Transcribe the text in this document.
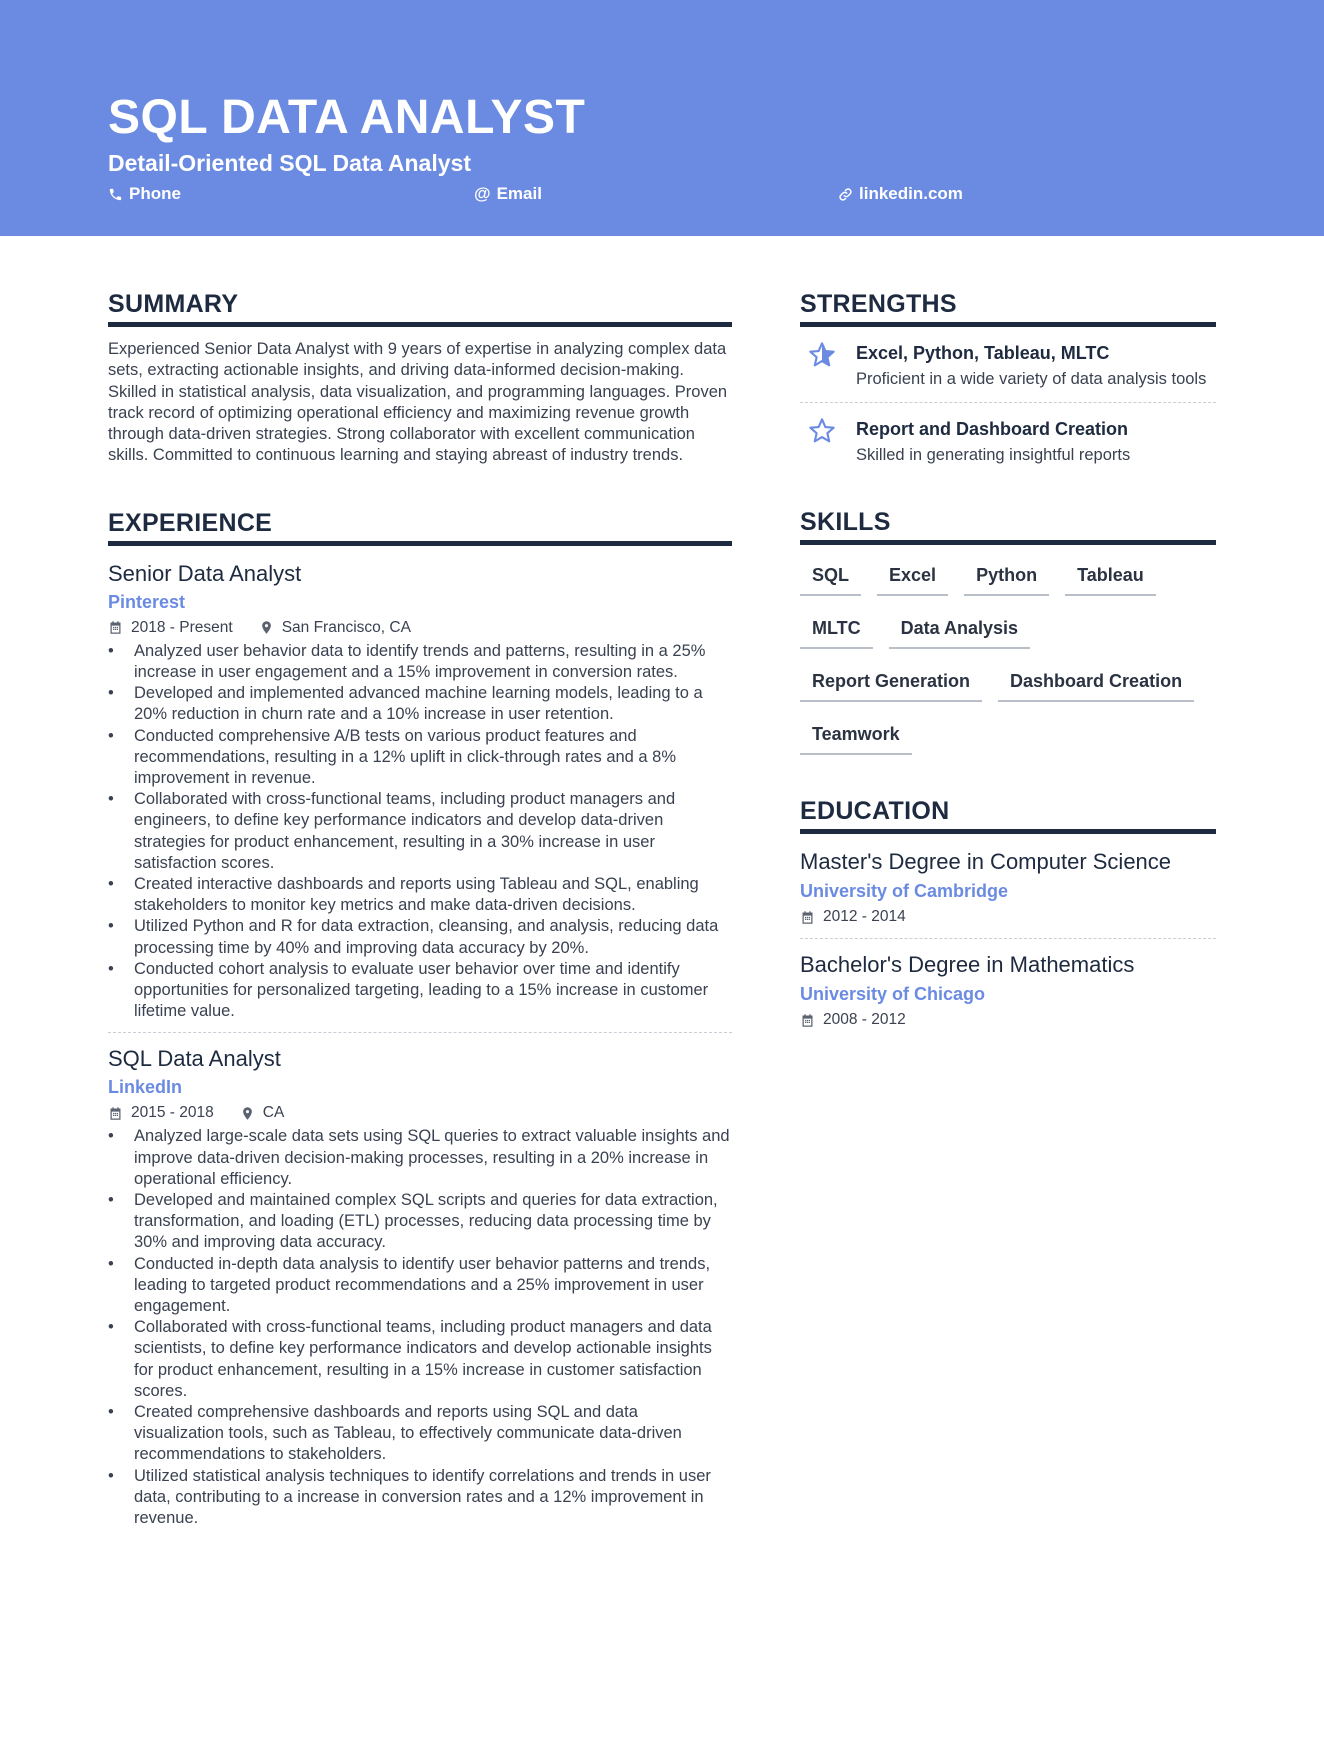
SQL DATA ANALYST
Detail-Oriented SQL Data Analyst
Phone	@ Email	linkedin.com
SUMMARY
Experienced Senior Data Analyst with 9 years of expertise in analyzing complex data sets, extracting actionable insights, and driving data-informed decision-making. Skilled in statistical analysis, data visualization, and programming languages. Proven track record of optimizing operational efficiency and maximizing revenue growth through data-driven strategies. Strong collaborator with excellent communication skills. Committed to continuous learning and staying abreast of industry trends.
EXPERIENCE
Senior Data Analyst
Pinterest
2018 - Present	San Francisco, CA
• Analyzed user behavior data to identify trends and patterns, resulting in a 25% increase in user engagement and a 15% improvement in conversion rates.
• Developed and implemented advanced machine learning models, leading to a 20% reduction in churn rate and a 10% increase in user retention.
• Conducted comprehensive A/B tests on various product features and recommendations, resulting in a 12% uplift in click-through rates and a 8% improvement in revenue.
• Collaborated with cross-functional teams, including product managers and engineers, to define key performance indicators and develop data-driven strategies for product enhancement, resulting in a 30% increase in user satisfaction scores.
• Created interactive dashboards and reports using Tableau and SQL, enabling stakeholders to monitor key metrics and make data-driven decisions.
• Utilized Python and R for data extraction, cleansing, and analysis, reducing data processing time by 40% and improving data accuracy by 20%.
• Conducted cohort analysis to evaluate user behavior over time and identify opportunities for personalized targeting, leading to a 15% increase in customer lifetime value.
SQL Data Analyst
LinkedIn
2015 - 2018	CA
• Analyzed large-scale data sets using SQL queries to extract valuable insights and improve data-driven decision-making processes, resulting in a 20% increase in operational efficiency.
• Developed and maintained complex SQL scripts and queries for data extraction, transformation, and loading (ETL) processes, reducing data processing time by 30% and improving data accuracy.
• Conducted in-depth data analysis to identify user behavior patterns and trends, leading to targeted product recommendations and a 25% improvement in user engagement.
• Collaborated with cross-functional teams, including product managers and data scientists, to define key performance indicators and develop actionable insights for product enhancement, resulting in a 15% increase in customer satisfaction scores.
• Created comprehensive dashboards and reports using SQL and data visualization tools, such as Tableau, to effectively communicate data-driven recommendations to stakeholders.
• Utilized statistical analysis techniques to identify correlations and trends in user data, contributing to a increase in conversion rates and a 12% improvement in revenue.
STRENGTHS
Excel, Python, Tableau, MLTC
Proficient in a wide variety of data analysis tools
Report and Dashboard Creation
Skilled in generating insightful reports
SKILLS
SQL	Excel	Python	Tableau
MLTC	Data Analysis
Report Generation	Dashboard Creation
Teamwork
EDUCATION
Master's Degree in Computer Science
University of Cambridge
2012 - 2014
Bachelor's Degree in Mathematics
University of Chicago
2008 - 2012
